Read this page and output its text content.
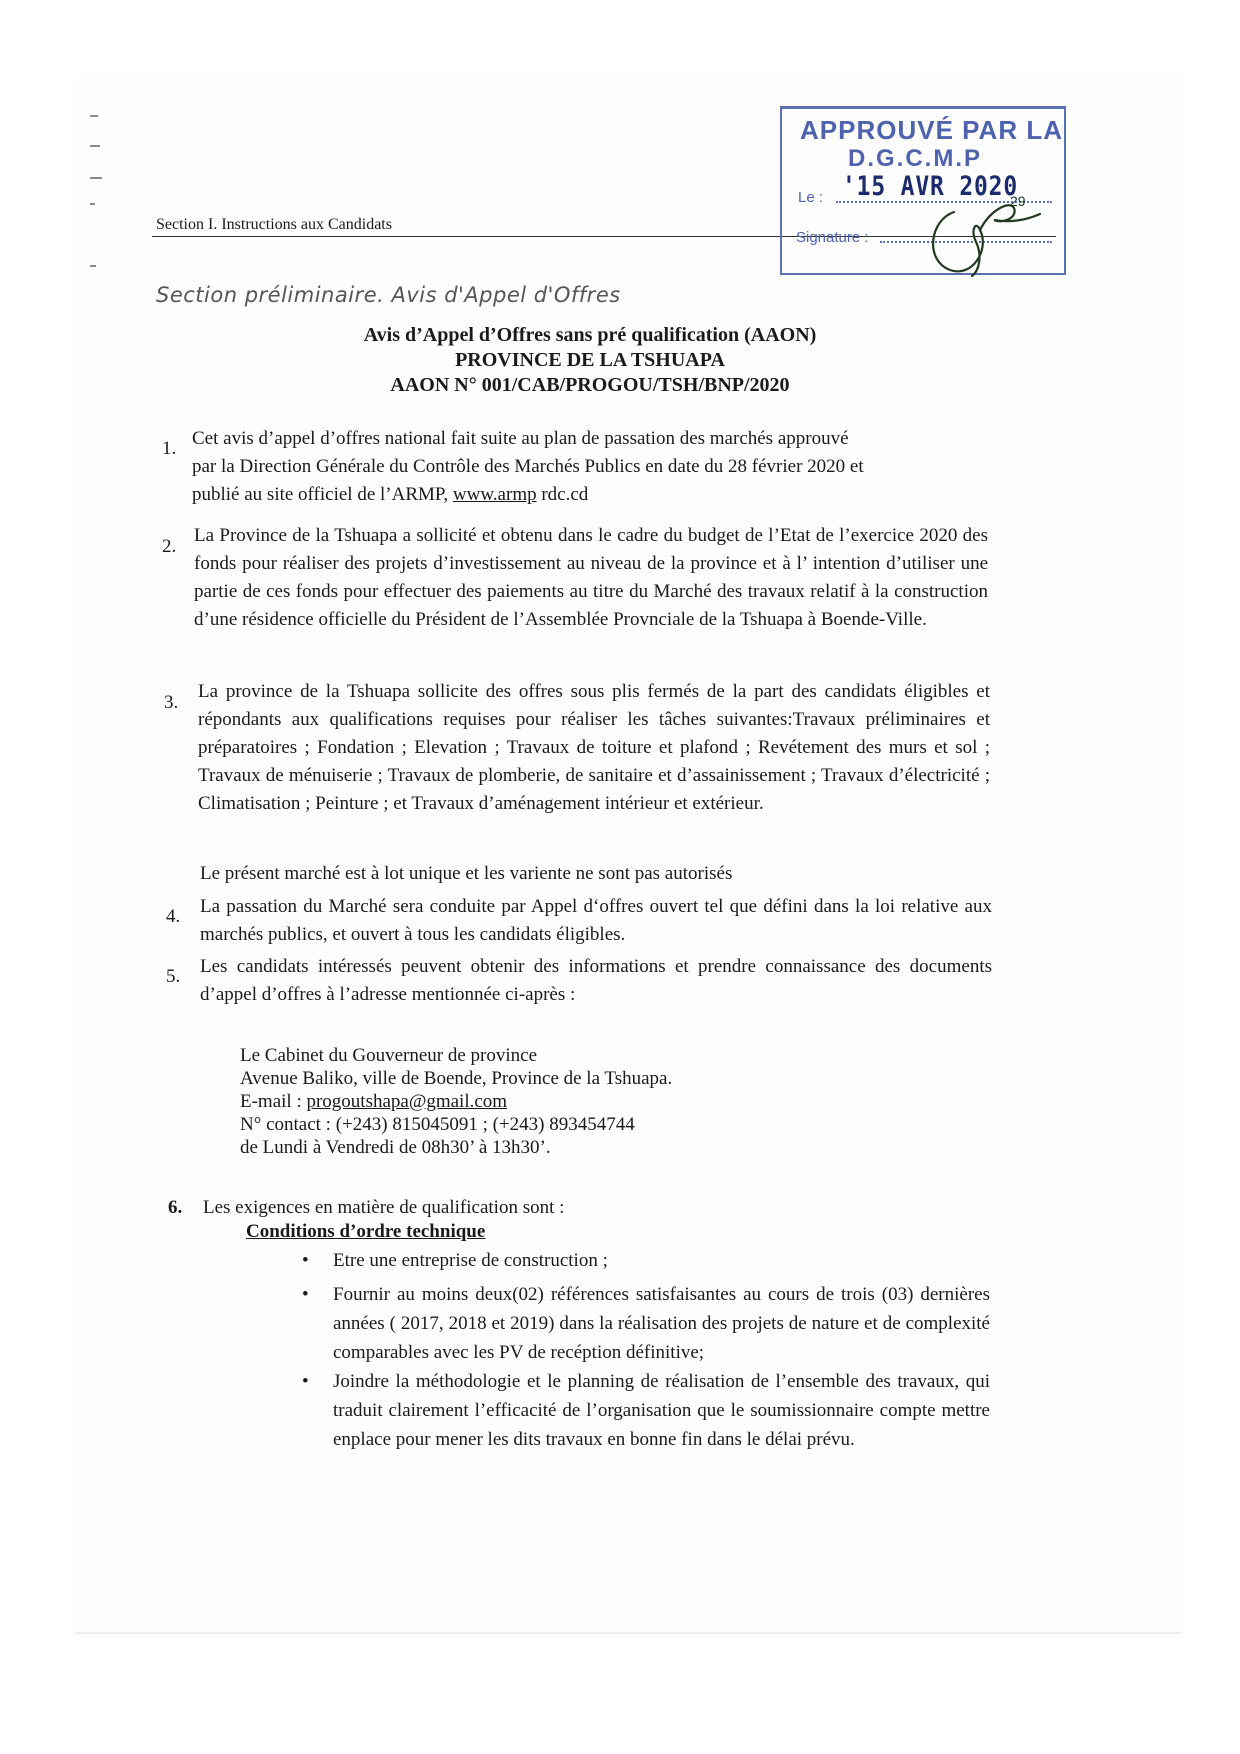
Section I. Instructions aux Candidats
APPROUVÉ PAR LA
D.G.C.M.P
'15 AVR 2020
Le :
Signature :
29
Section préliminaire. Avis d'Appel d'Offres
Avis d’Appel d’Offres sans pré qualification (AAON)
PROVINCE DE LA TSHUAPA
AAON N° 001/CAB/PROGOU/TSH/BNP/2020
1. Cet avis d’appel d’offres national fait suite au plan de passation des marchés approuvé
par la Direction Générale du Contrôle des Marchés Publics en date du 28 février 2020 et
publié au site officiel de l’ARMP, www.armp rdc.cd
2.
La Province de la Tshuapa a sollicité et obtenu dans le cadre du budget de l’Etat de l’exercice 2020 des fonds pour réaliser des projets d’investissement au niveau de la province et à l’ intention d’utiliser une partie de ces fonds pour effectuer des paiements au titre du Marché des travaux relatif à la construction d’une résidence officielle du Président de l’Assemblée Provnciale de la Tshuapa à Boende-Ville.
3.
La province de la Tshuapa sollicite des offres sous plis fermés de la part des candidats éligibles et répondants aux qualifications requises pour réaliser les tâches suivantes:Travaux préliminaires et préparatoires ; Fondation ; Elevation ; Travaux de toiture et plafond ; Revétement des murs et sol ; Travaux de ménuiserie ; Travaux de plomberie, de sanitaire et d’assainissement ; Travaux d’électricité ; Climatisation ; Peinture ; et Travaux d’aménagement intérieur et extérieur.
Le présent marché est à lot unique et les variente ne sont pas autorisés
4. La passation du Marché sera conduite par Appel d‘offres ouvert tel que défini dans la loi relative aux marchés publics, et ouvert à tous les candidats éligibles.
5. Les candidats intéressés peuvent obtenir des informations et prendre connaissance des documents d’appel d’offres à l’adresse mentionnée ci-après :
Le Cabinet du Gouverneur de province
Avenue Baliko, ville de Boende, Province de la Tshuapa.
E-mail : progoutshapa@gmail.com
N° contact : (+243) 815045091 ; (+243) 893454744
de Lundi à Vendredi de 08h30’ à 13h30’.
6. Les exigences en matière de qualification sont :
Conditions d’ordre technique
• Etre une entreprise de construction ;
• Fournir au moins deux(02) références satisfaisantes au cours de trois (03) dernières années ( 2017, 2018 et 2019) dans la réalisation des projets de nature et de complexité comparables avec les PV de recéption définitive;
• Joindre la méthodologie et le planning de réalisation de l’ensemble des travaux, qui traduit clairement l’efficacité de l’organisation que le soumissionnaire compte mettre enplace pour mener les dits travaux en bonne fin dans le délai prévu.
